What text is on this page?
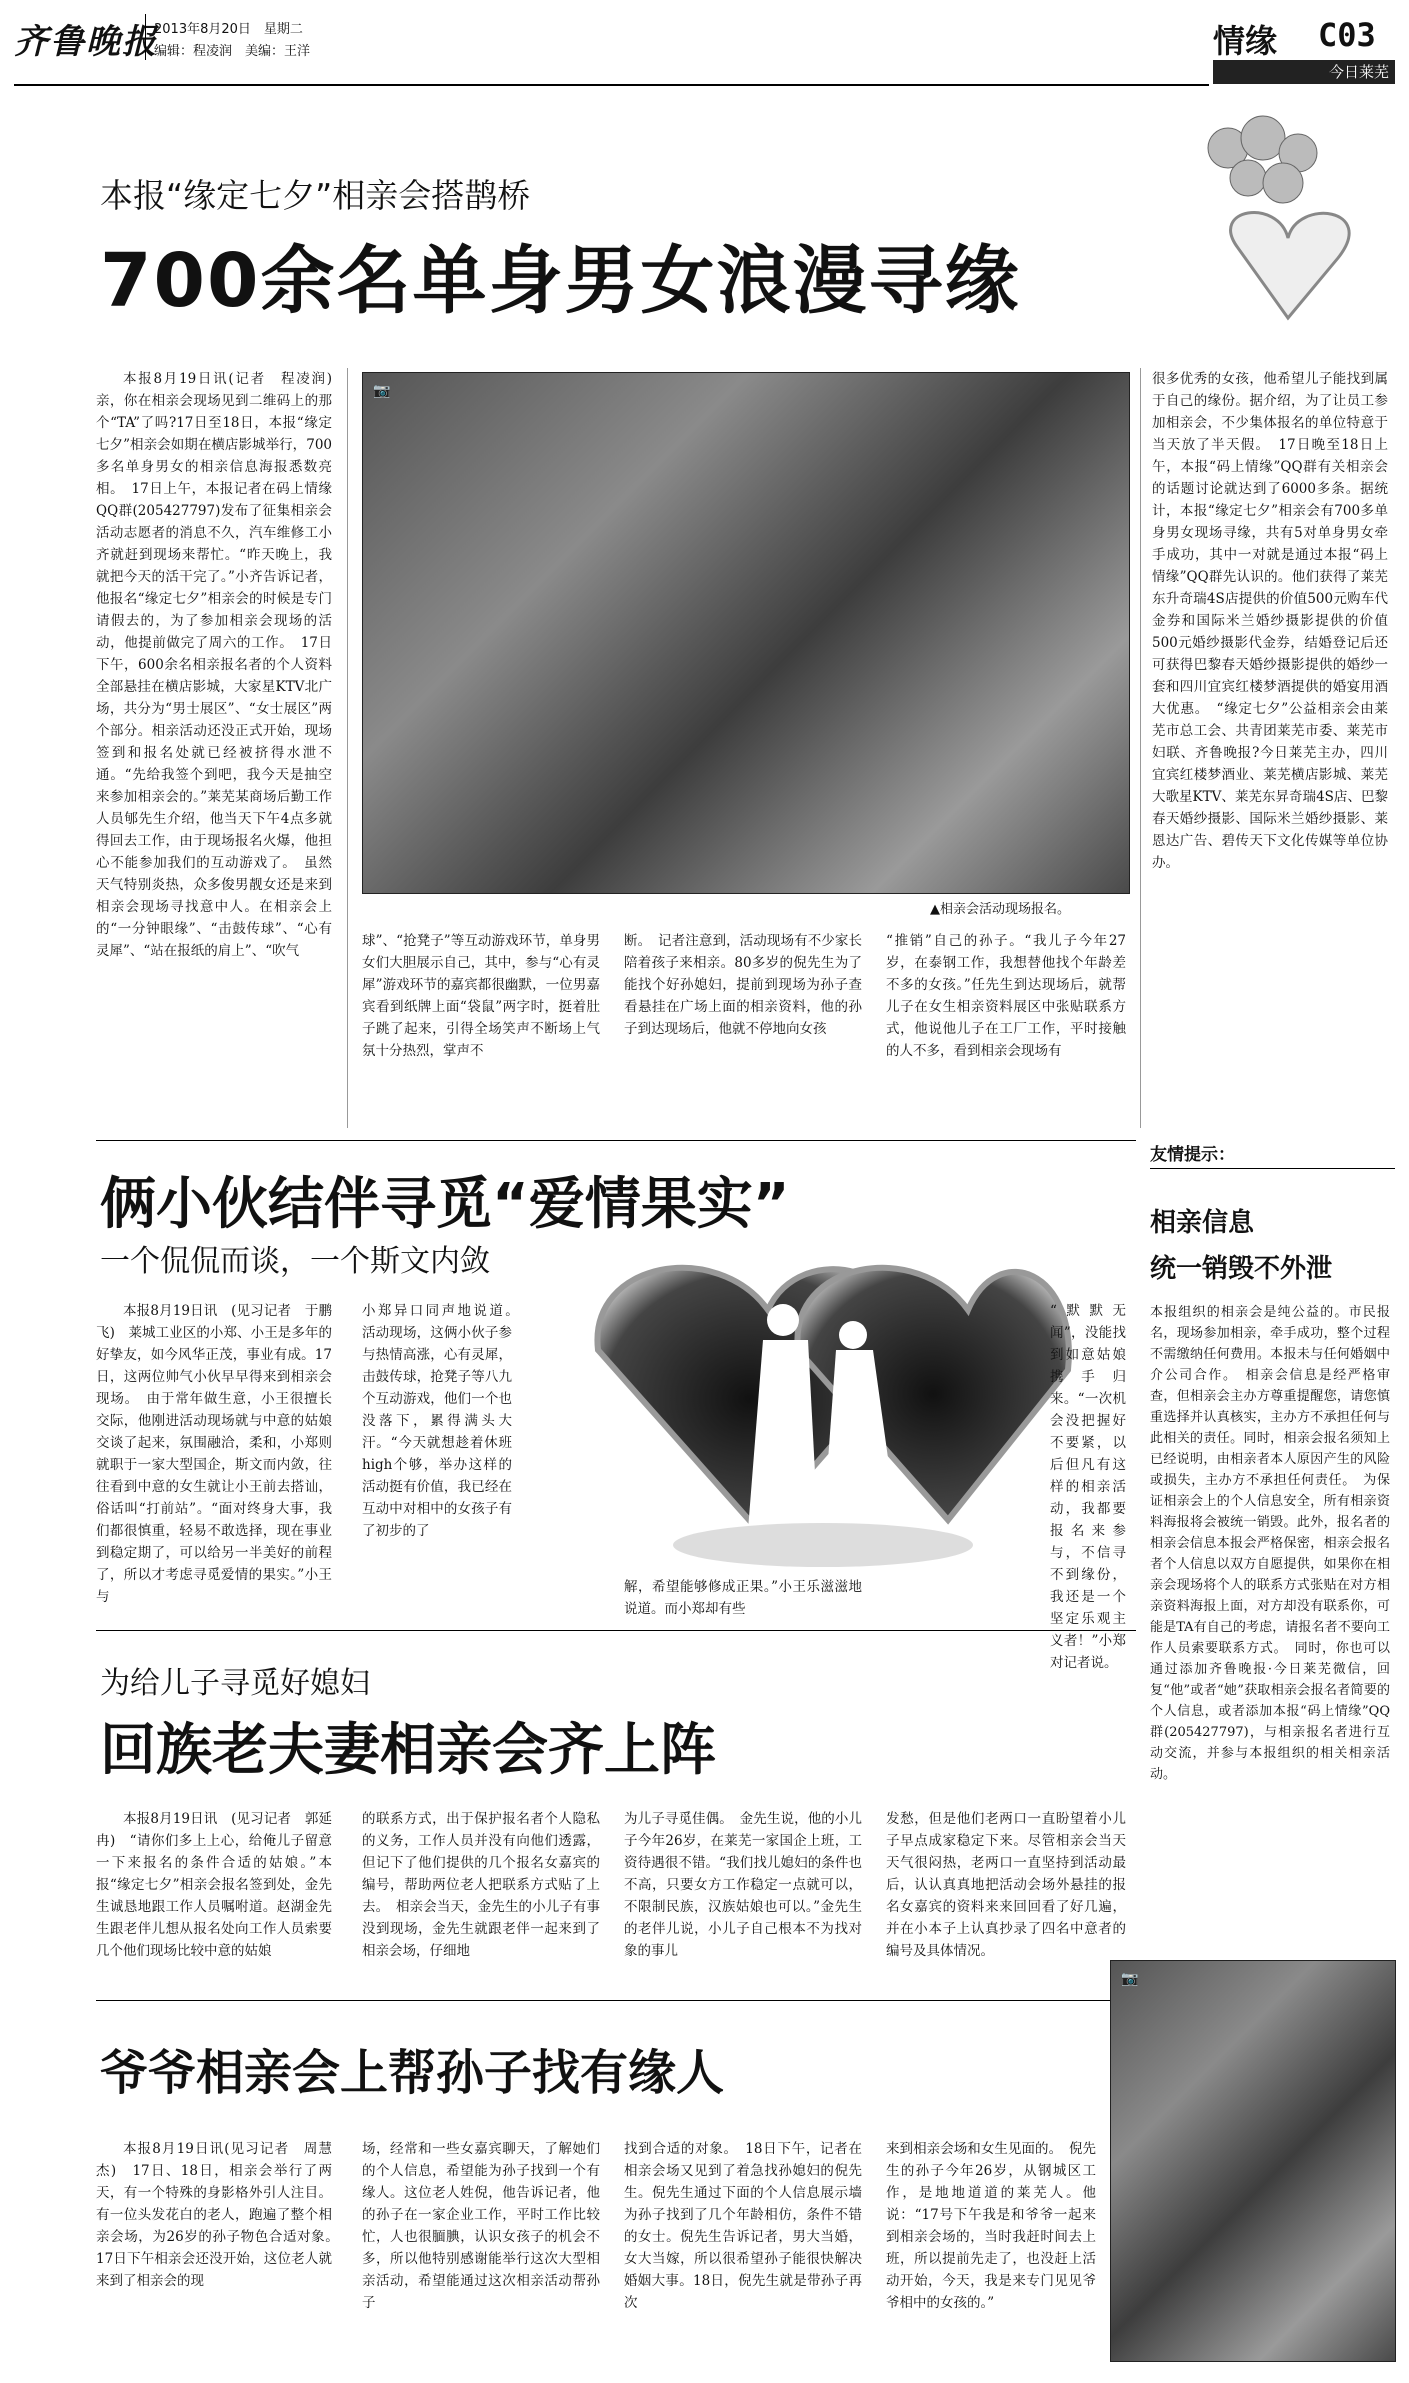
齐鲁晚报
2013年8月20日　星期二
编辑：程凌润　美编：王洋	情缘 C03
今日莱芜
本报“缘定七夕”相亲会搭鹊桥
700余名单身男女浪漫寻缘

本报8月19日讯(记者　程凌润)　亲，你在相亲会现场见到二维码上的那个“TA”了吗?17日至18日，本报“缘定七夕”相亲会如期在横店影城举行，700多名单身男女的相亲信息海报悉数亮相。　17日上午，本报记者在码上情缘QQ群(205427797)发布了征集相亲会活动志愿者的消息不久，汽车维修工小齐就赶到现场来帮忙。“昨天晚上，我就把今天的活干完了。”小齐告诉记者，他报名“缘定七夕”相亲会的时候是专门请假去的，为了参加相亲会现场的活动，他提前做完了周六的工作。　17日下午，600余名相亲报名者的个人资料全部悬挂在横店影城，大家星KTV北广场，共分为“男士展区”、“女士展区”两个部分。相亲活动还没正式开始，现场签到和报名处就已经被挤得水泄不通。“先给我签个到吧，我今天是抽空来参加相亲会的。”莱芜某商场后勤工作人员郇先生介绍，他当天下午4点多就得回去工作，由于现场报名火爆，他担心不能参加我们的互动游戏了。　虽然天气特别炎热，众多俊男靓女还是来到相亲会现场寻找意中人。在相亲会上的“一分钟眼缘”、“击鼓传球”、“心有灵犀”、“站在报纸的肩上”、“吹气

📷
▲相亲会活动现场报名。

球”、“抢凳子”等互动游戏环节，单身男女们大胆展示自己，其中，参与“心有灵犀”游戏环节的嘉宾都很幽默，一位男嘉宾看到纸牌上面“袋鼠”两字时，挺着肚子跳了起来，引得全场笑声不断场上气氛十分热烈，掌声不

断。　记者注意到，活动现场有不少家长陪着孩子来相亲。80多岁的倪先生为了能找个好孙媳妇，提前到现场为孙子查看悬挂在广场上面的相亲资料，他的孙子到达现场后，他就不停地向女孩

“推销”自己的孙子。“我儿子今年27岁，在泰钢工作，我想替他找个年龄差不多的女孩。”任先生到达现场后，就帮儿子在女生相亲资料展区中张贴联系方式，他说他儿子在工厂工作，平时接触的人不多，看到相亲会现场有

很多优秀的女孩，他希望儿子能找到属于自己的缘份。据介绍，为了让员工参加相亲会，不少集体报名的单位特意于当天放了半天假。　17日晚至18日上午，本报“码上情缘”QQ群有关相亲会的话题讨论就达到了6000多条。据统计，本报“缘定七夕”相亲会有700多单身男女现场寻缘，共有5对单身男女牵手成功，其中一对就是通过本报“码上情缘”QQ群先认识的。他们获得了莱芜东升奇瑞4S店提供的价值500元购车代金券和国际米兰婚纱摄影提供的价值500元婚纱摄影代金券，结婚登记后还可获得巴黎春天婚纱摄影提供的婚纱一套和四川宜宾红楼梦酒提供的婚宴用酒大优惠。　“缘定七夕”公益相亲会由莱芜市总工会、共青团莱芜市委、莱芜市妇联、齐鲁晚报?今日莱芜主办，四川宜宾红楼梦酒业、莱芜横店影城、莱芜大歌星KTV、莱芜东昇奇瑞4S店、巴黎春天婚纱摄影、国际米兰婚纱摄影、莱恩达广告、碧传天下文化传媒等单位协办。

友情提示：
相亲信息
统一销毁不外泄

本报组织的相亲会是纯公益的。市民报名，现场参加相亲，牵手成功，整个过程不需缴纳任何费用。本报未与任何婚姻中介公司合作。　相亲会信息是经严格审查，但相亲会主办方尊重提醒您，请您慎重选择并认真核实，主办方不承担任何与此相关的责任。同时，相亲会报名须知上已经说明，由相亲者本人原因产生的风险或损失，主办方不承担任何责任。　为保证相亲会上的个人信息安全，所有相亲资料海报将会被统一销毁。此外，报名者的相亲会信息本报会严格保密，相亲会报名者个人信息以双方自愿提供，如果你在相亲会现场将个人的联系方式张贴在对方相亲资料海报上面，对方却没有联系你，可能是TA有自己的考虑，请报名者不要向工作人员索要联系方式。　同时，你也可以通过添加齐鲁晚报·今日莱芜微信，回复“他”或者“她”获取相亲会报名者简要的个人信息，或者添加本报“码上情缘”QQ群(205427797)，与相亲报名者进行互动交流，并参与本报组织的相关相亲活动。

俩小伙结伴寻觅“爱情果实”
一个侃侃而谈，一个斯文内敛

本报8月19日讯　(见习记者　于鹏飞)　莱城工业区的小郑、小王是多年的好挚友，如今风华正茂，事业有成。17日，这两位帅气小伙早早得来到相亲会现场。　由于常年做生意，小王很擅长交际，他刚进活动现场就与中意的姑娘交谈了起来，氛围融洽，柔和，小郑则就职于一家大型国企，斯文而内敛，往往看到中意的女生就让小王前去搭讪，俗话叫“打前站”。“面对终身大事，我们都很慎重，轻易不敢选择，现在事业到稳定期了，可以给另一半美好的前程了，所以才考虑寻觅爱情的果实。”小王与

小郑异口同声地说道。　活动现场，这俩小伙子参与热情高涨，心有灵犀，击鼓传球，抢凳子等八九个互动游戏，他们一个也没落下，累得满头大汗。“今天就想趁着休班high个够，举办这样的活动挺有价值，我已经在互动中对相中的女孩子有了初步的了

解，希望能够修成正果。”小王乐滋滋地说道。而小郑却有些

“默默无闻”，没能找到如意姑娘携手归来。“一次机会没把握好不要紧，以后但凡有这样的相亲活动，我都要报名来参与，不信寻不到缘份，我还是一个坚定乐观主义者！”小郑对记者说。

为给儿子寻觅好媳妇
回族老夫妻相亲会齐上阵

本报8月19日讯　(见习记者　郭延冉)　“请你们多上上心，给俺儿子留意一下来报名的条件合适的姑娘。”本报“缘定七夕”相亲会报名签到处，金先生诚恳地跟工作人员嘱咐道。赵湖金先生跟老伴儿想从报名处向工作人员索要几个他们现场比较中意的姑娘

的联系方式，出于保护报名者个人隐私的义务，工作人员并没有向他们透露，但记下了他们提供的几个报名女嘉宾的编号，帮助两位老人把联系方式贴了上去。　相亲会当天，金先生的小儿子有事没到现场，金先生就跟老伴一起来到了相亲会场，仔细地

为儿子寻觅佳偶。　金先生说，他的小儿子今年26岁，在莱芜一家国企上班，工资待遇很不错。“我们找儿媳妇的条件也不高，只要女方工作稳定一点就可以，不限制民族，汉族姑娘也可以。”金先生的老伴儿说，小儿子自己根本不为找对象的事儿

发愁，但是他们老两口一直盼望着小儿子早点成家稳定下来。尽管相亲会当天天气很闷热，老两口一直坚持到活动最后，认认真真地把活动会场外悬挂的报名女嘉宾的资料来来回回看了好几遍，并在小本子上认真抄录了四名中意者的编号及具体情况。

爷爷相亲会上帮孙子找有缘人
📷

本报8月19日讯(见习记者　周慧杰)　17日、18日，相亲会举行了两天，有一个特殊的身影格外引人注目。有一位头发花白的老人，跑遍了整个相亲会场，为26岁的孙子物色合适对象。　17日下午相亲会还没开始，这位老人就来到了相亲会的现

场，经常和一些女嘉宾聊天，了解她们的个人信息，希望能为孙子找到一个有缘人。这位老人姓倪，他告诉记者，他的孙子在一家企业工作，平时工作比较忙，人也很腼腆，认识女孩子的机会不多，所以他特别感谢能举行这次大型相亲活动，希望能通过这次相亲活动帮孙子

找到合适的对象。　18日下午，记者在相亲会场又见到了着急找孙媳妇的倪先生。倪先生通过下面的个人信息展示墙为孙子找到了几个年龄相仿，条件不错的女士。倪先生告诉记者，男大当婚，女大当嫁，所以很希望孙子能很快解决婚姻大事。18日，倪先生就是带孙子再次

来到相亲会场和女生见面的。　倪先生的孙子今年26岁，从钢城区工作，是地地道道的莱芜人。他说：“17号下午我是和爷爷一起来到相亲会场的，当时我赶时间去上班，所以提前先走了，也没赶上活动开始，今天，我是来专门见见爷爷相中的女孩的。”
